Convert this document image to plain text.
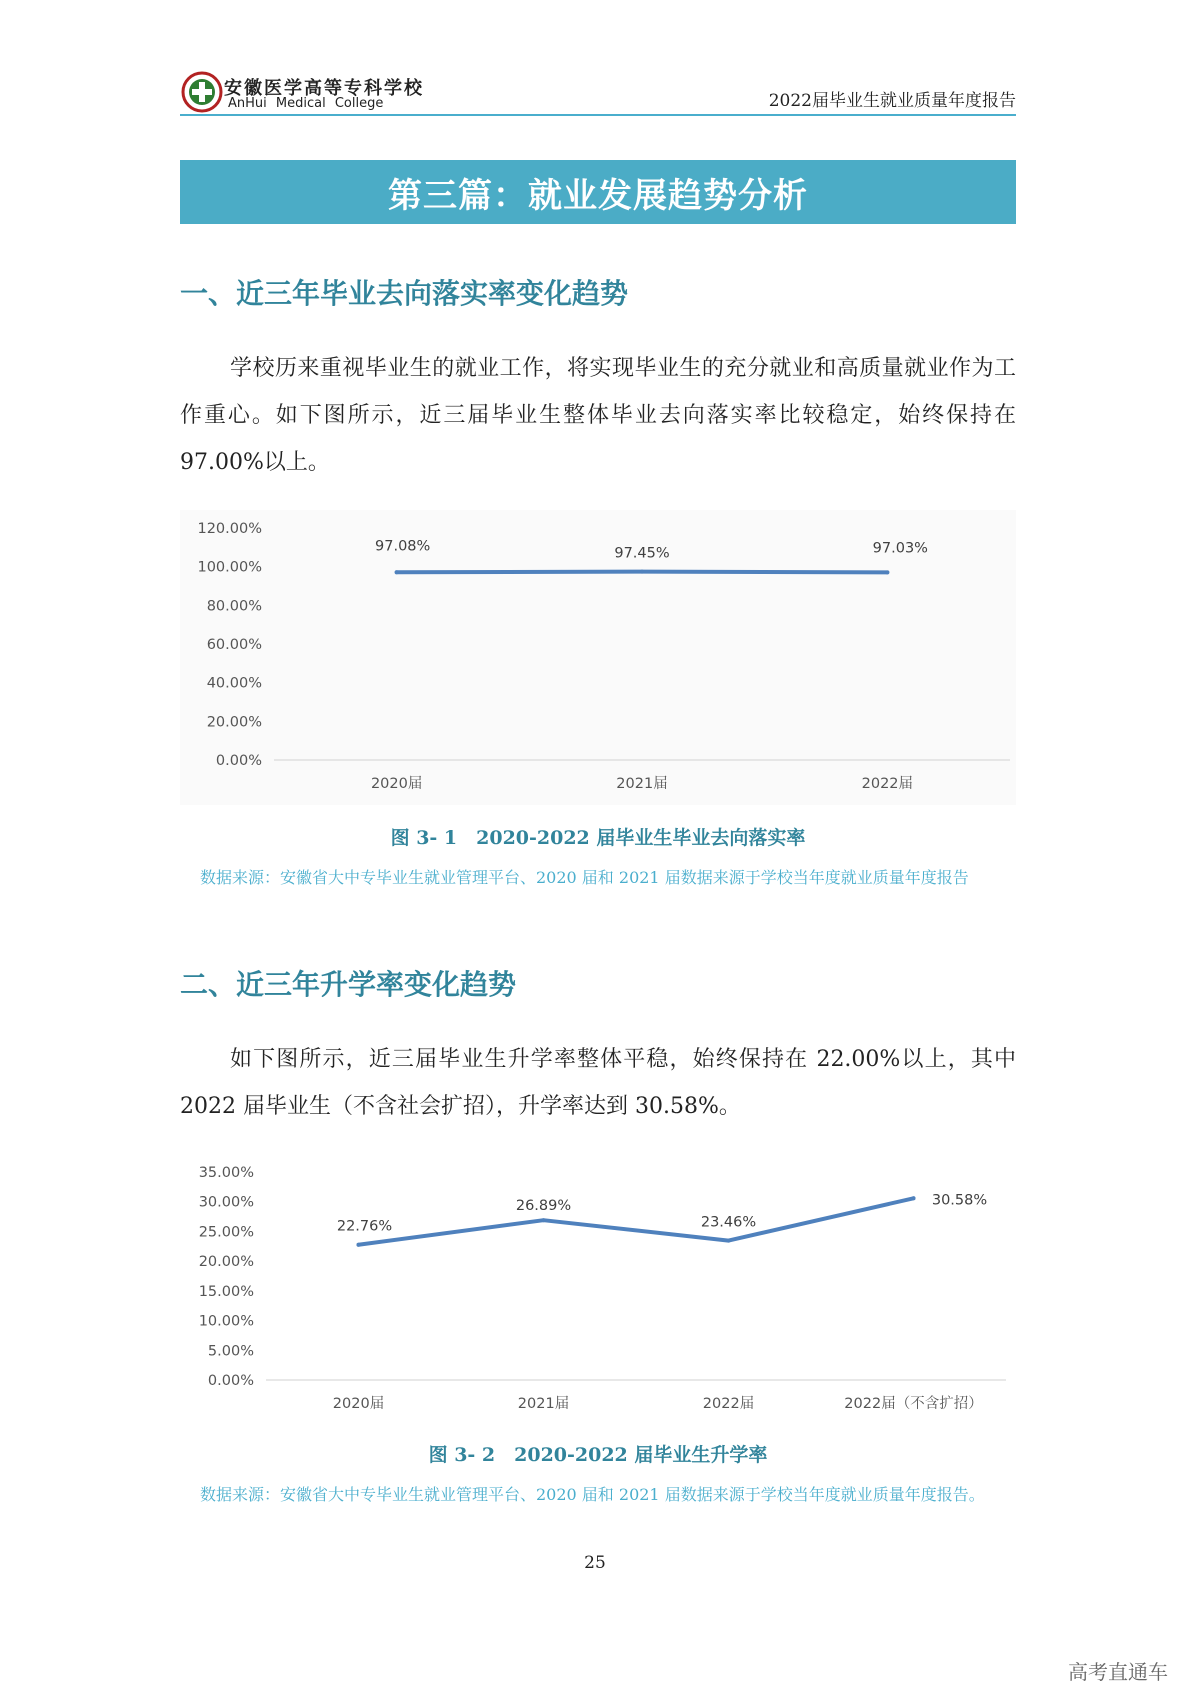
安徽医学高等专科学校
AnHui Medical College	2022届毕业生就业质量年度报告
第三篇：就业发展趋势分析
一、近三年毕业去向落实率变化趋势
学校历来重视毕业生的就业工作，将实现毕业生的充分就业和高质量就业作为工作重心。如下图所示，近三届毕业生整体毕业去向落实率比较稳定，始终保持在 97.00%以上。
0.00%
20.00%
40.00%
60.00%
80.00%
100.00%
120.00%
2020届	2021届	2022届
97.08%	97.45%	97.03%
图 3- 1　2020-2022 届毕业生毕业去向落实率
数据来源：安徽省大中专毕业生就业管理平台、2020 届和 2021 届数据来源于学校当年度就业质量年度报告
二、近三年升学率变化趋势
如下图所示，近三届毕业生升学率整体平稳，始终保持在 22.00%以上，其中 2022 届毕业生（不含社会扩招），升学率达到 30.58%。
0.00%
5.00%
10.00%
15.00%
20.00%
25.00%
30.00%
35.00%
2020届	2021届	2022届	2022届（不含扩招）
22.76%
26.89%
23.46%
30.58%
图 3- 2　2020-2022 届毕业生升学率
数据来源：安徽省大中专毕业生就业管理平台、2020 届和 2021 届数据来源于学校当年度就业质量年度报告。
25
高考直通车
